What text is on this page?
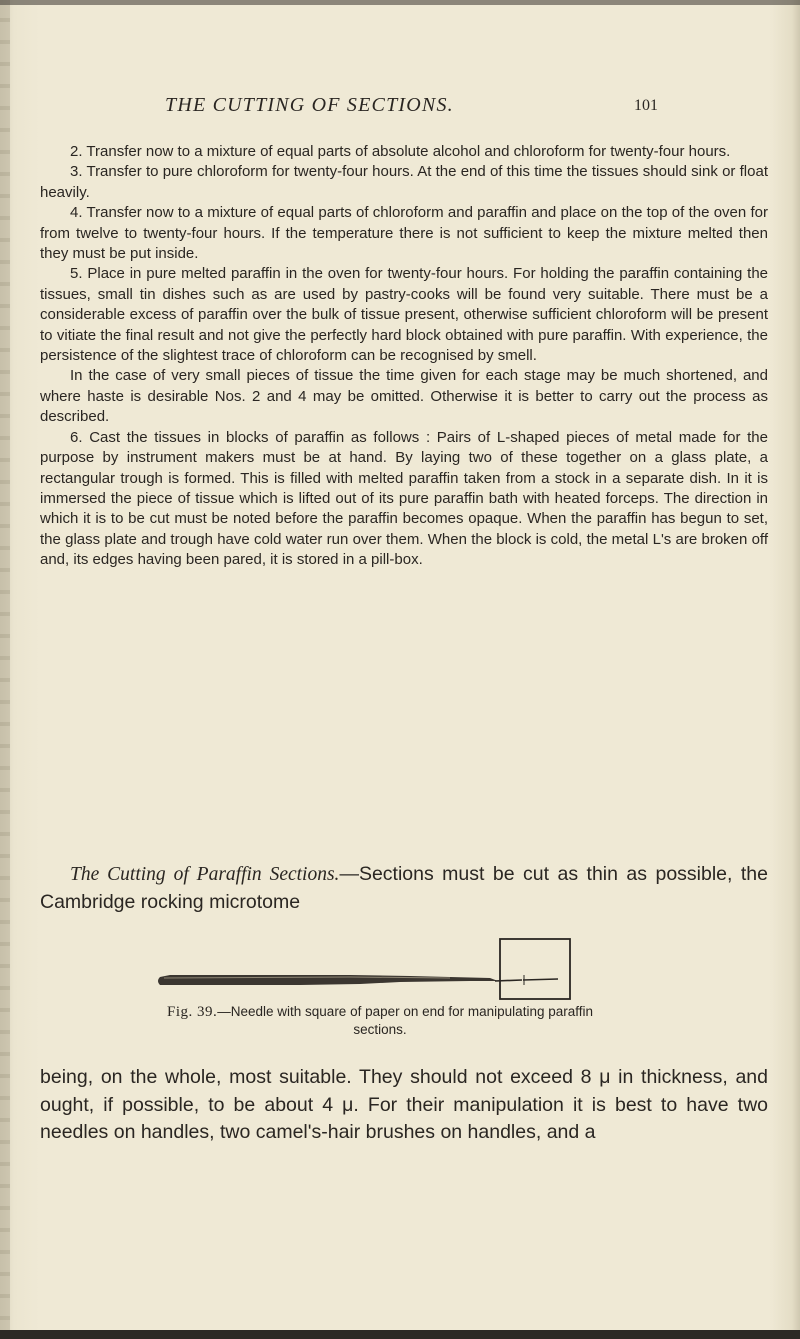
THE CUTTING OF SECTIONS.	101

2. Transfer now to a mixture of equal parts of absolute alcohol and chloroform for twenty-four hours.

3. Transfer to pure chloroform for twenty-four hours. At the end of this time the tissues should sink or float heavily.

4. Transfer now to a mixture of equal parts of chloroform and paraffin and place on the top of the oven for from twelve to twenty-four hours. If the temperature there is not sufficient to keep the mixture melted then they must be put inside.

5. Place in pure melted paraffin in the oven for twenty-four hours. For holding the paraffin containing the tissues, small tin dishes such as are used by pastry-cooks will be found very suitable. There must be a considerable excess of paraffin over the bulk of tissue present, otherwise sufficient chloroform will be present to vitiate the final result and not give the perfectly hard block obtained with pure paraffin. With experience, the persistence of the slightest trace of chloroform can be recognised by smell.

In the case of very small pieces of tissue the time given for each stage may be much shortened, and where haste is desirable Nos. 2 and 4 may be omitted. Otherwise it is better to carry out the process as described.

6. Cast the tissues in blocks of paraffin as follows : Pairs of L-shaped pieces of metal made for the purpose by instrument makers must be at hand. By laying two of these together on a glass plate, a rectangular trough is formed. This is filled with melted paraffin taken from a stock in a separate dish. In it is immersed the piece of tissue which is lifted out of its pure paraffin bath with heated forceps. The direction in which it is to be cut must be noted before the paraffin becomes opaque. When the paraffin has begun to set, the glass plate and trough have cold water run over them. When the block is cold, the metal L's are broken off and, its edges having been pared, it is stored in a pill-box.

The Cutting of Paraffin Sections.—Sections must be cut as thin as possible, the Cambridge rocking microtome

Fig. 39.—Needle with square of paper on end for manipulating paraffin sections.

being, on the whole, most suitable. They should not exceed 8 μ in thickness, and ought, if possible, to be about 4 μ. For their manipulation it is best to have two needles on handles, two camel's-hair brushes on handles, and a
